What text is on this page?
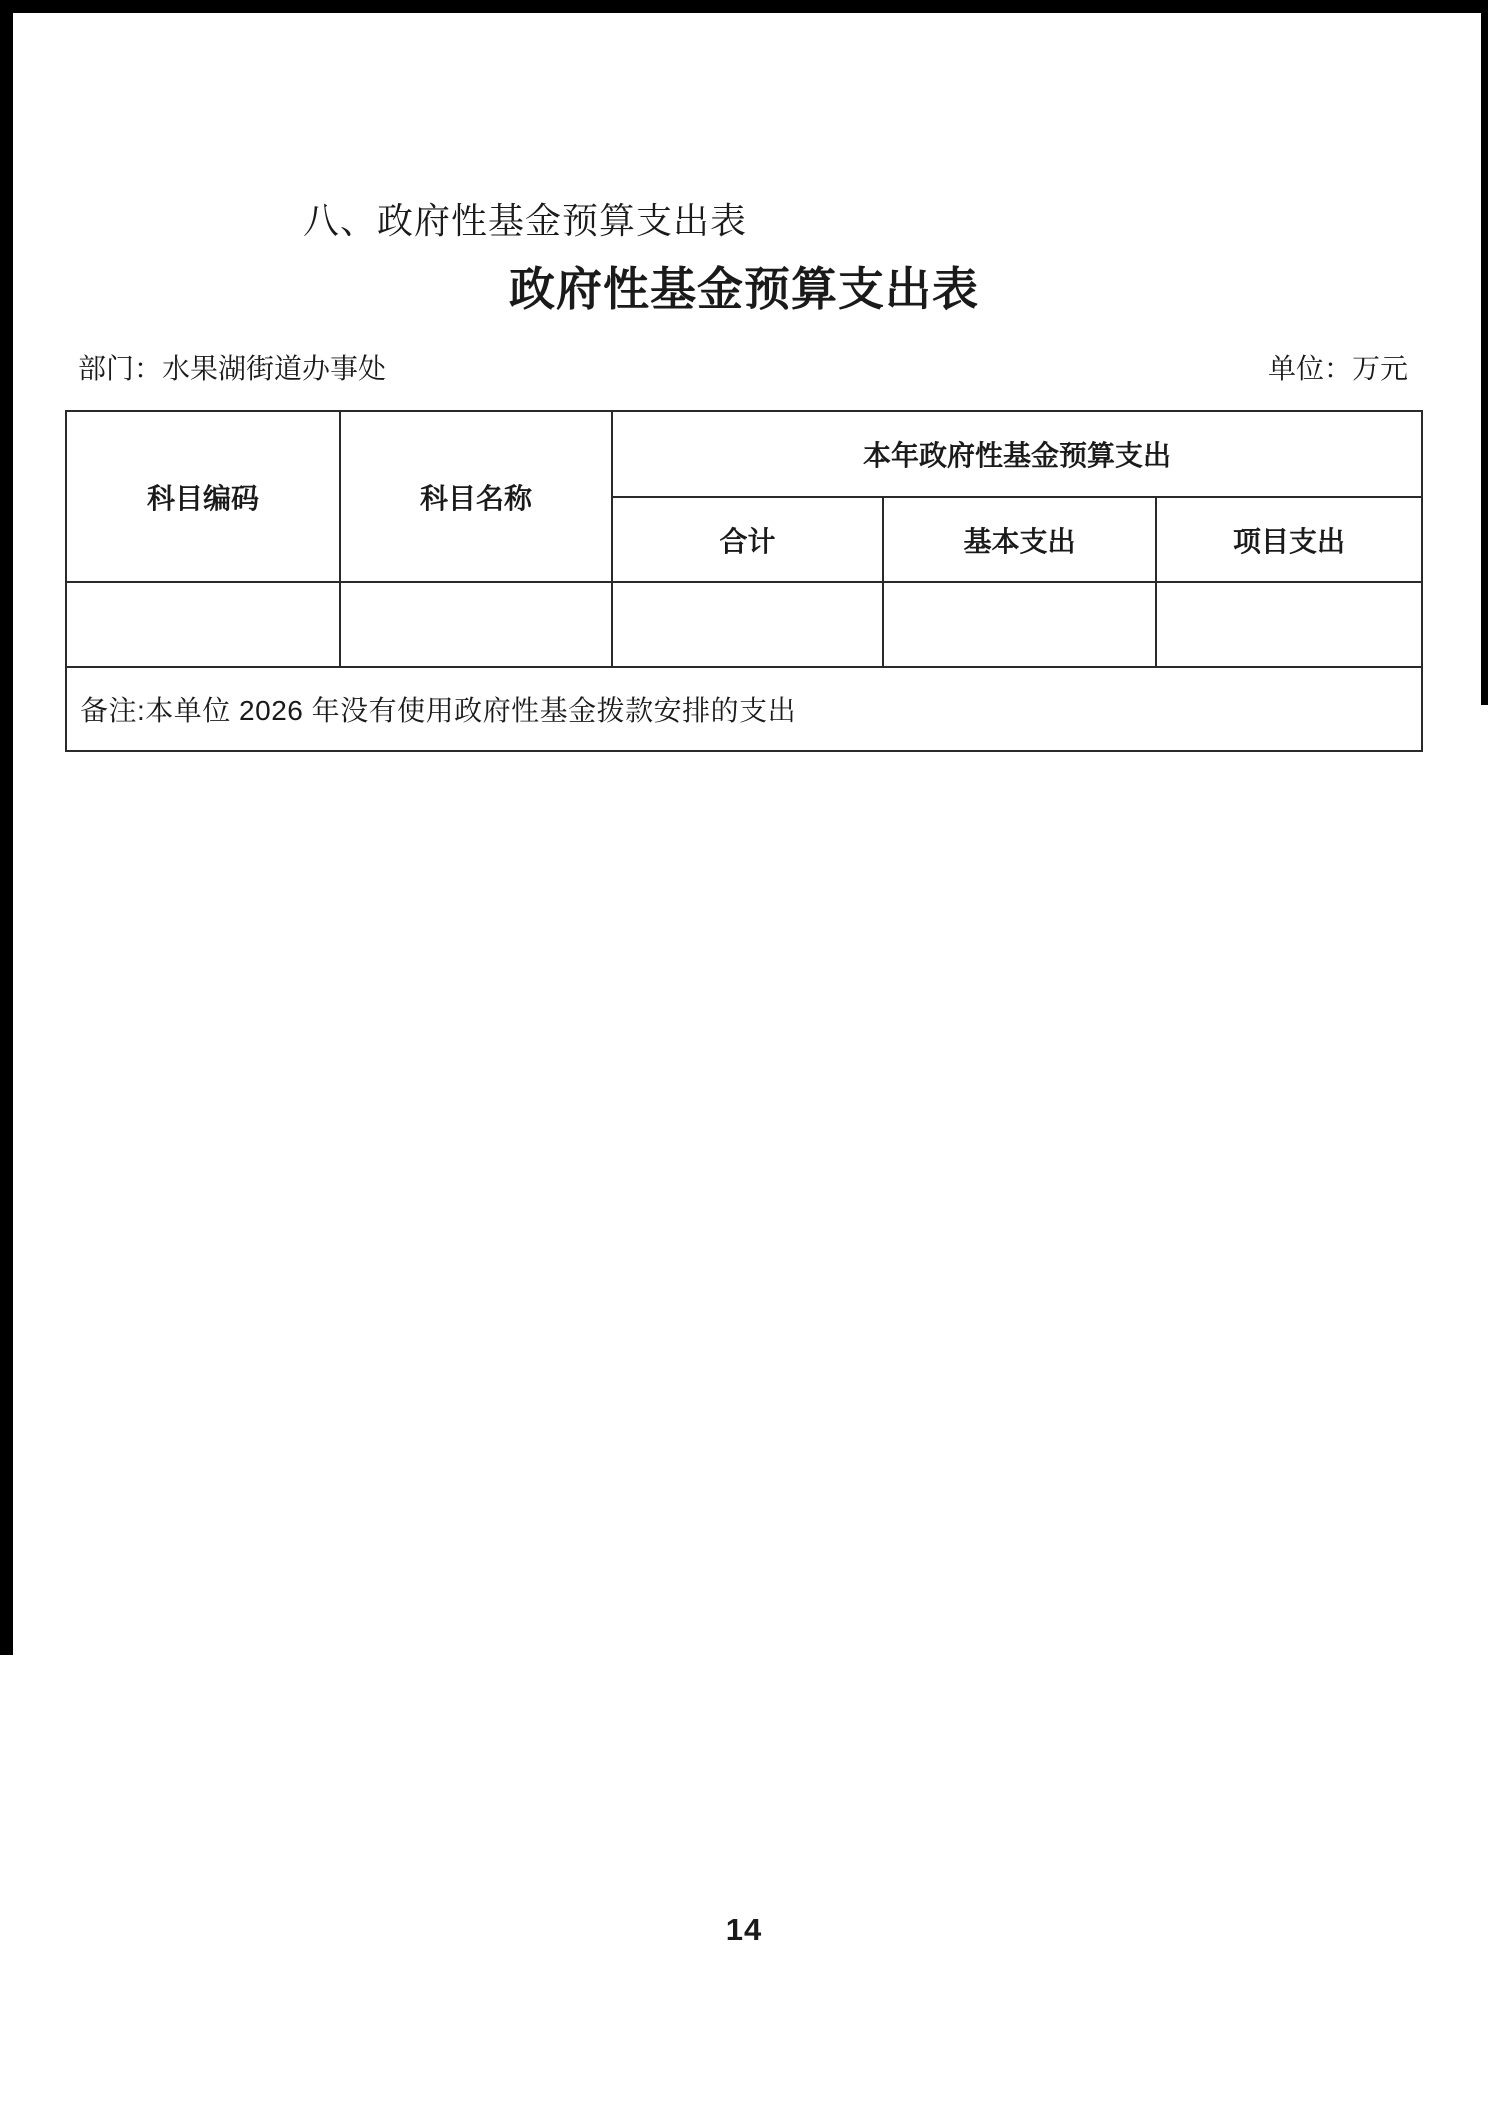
八、政府性基金预算支出表
政府性基金预算支出表
部门：水果湖街道办事处	单位：万元
科目编码	科目名称	本年政府性基金预算支出		
		合计	基本支出	项目支出

备注:本单位 2026 年没有使用政府性基金拨款安排的支出				
14
